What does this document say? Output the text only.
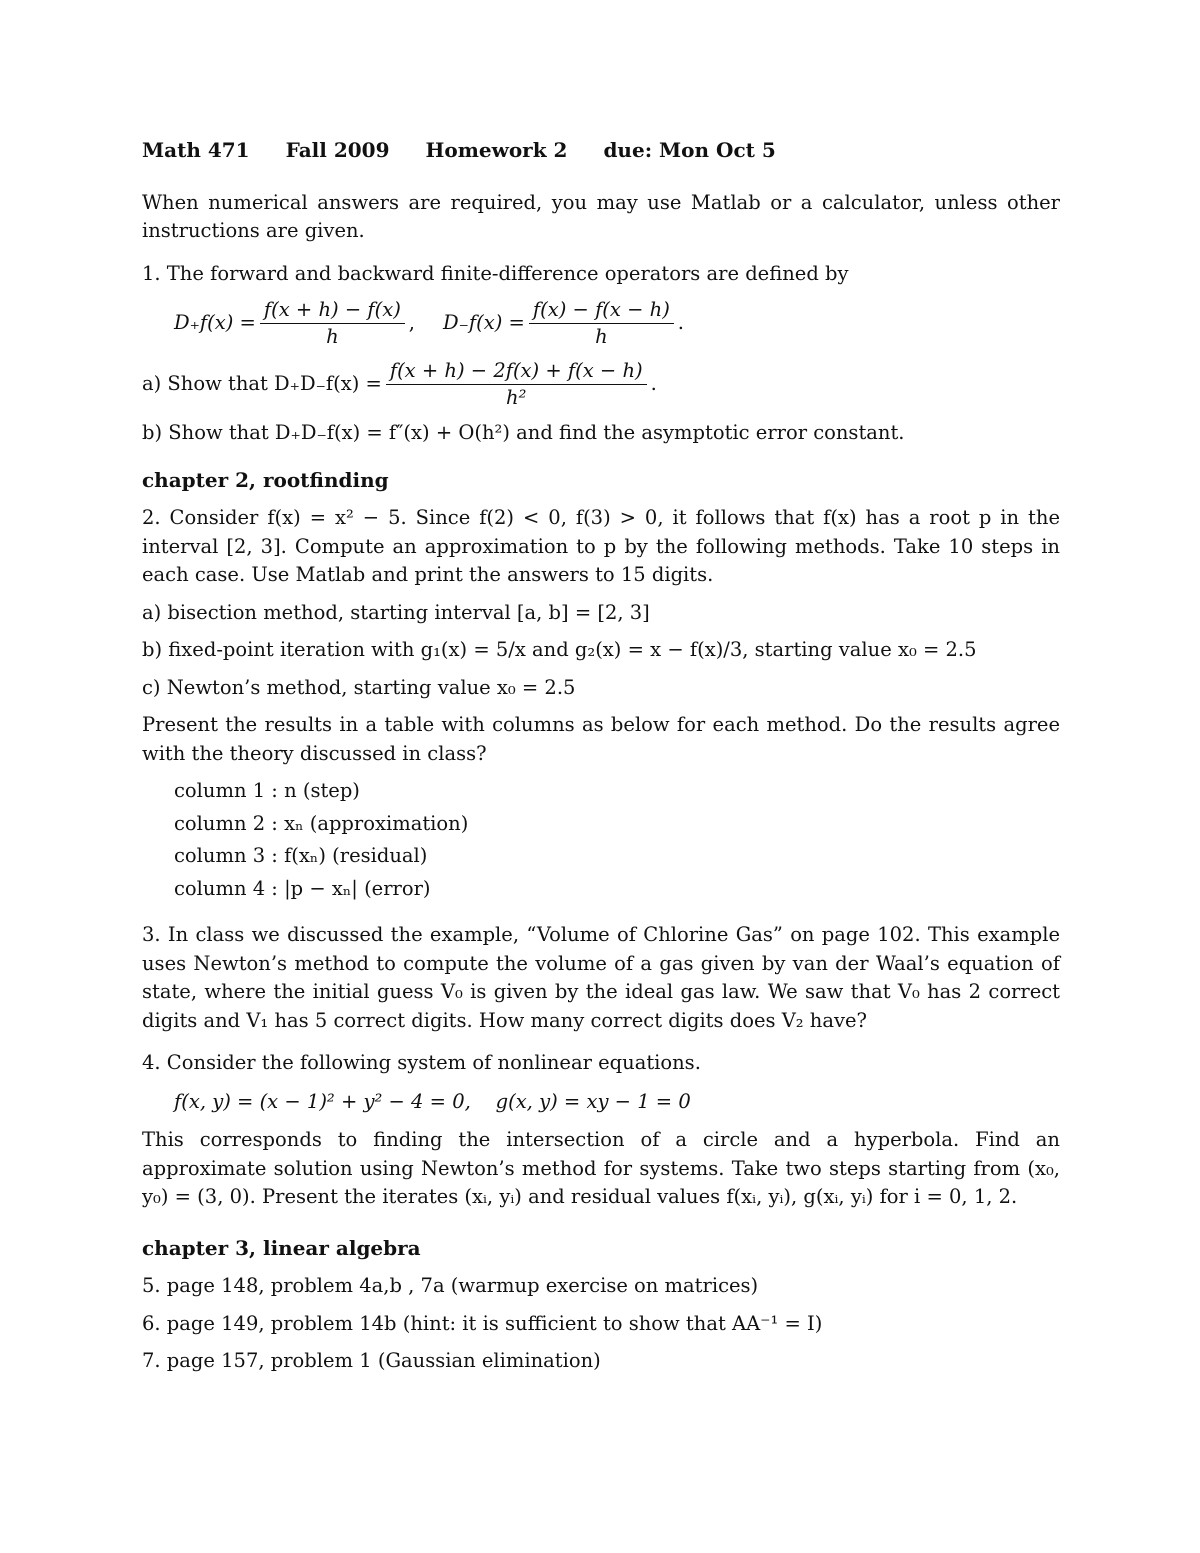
Math 471 Fall 2009 Homework 2 due: Mon Oct 5

When numerical answers are required, you may use Matlab or a calculator, unless other instructions are given.

1. The forward and backward finite-difference operators are defined by

$D_+f(x) = \frac{f(x + h) - f(x)}{h}$ , $D_-f(x) = \frac{f(x) - f(x - h)}{h}$ .
a) Show that $D_+D_-f(x) = \frac{f(x + h) - 2f(x) + f(x - h)}{\text{h²}}$ .

b) Show that D₊D₋f(x) = f″(x) + O(h²) and find the asymptotic error constant.

chapter 2, rootfinding

2. Consider f(x) = x² − 5. Since f(2) < 0, f(3) > 0, it follows that f(x) has a root p in the interval [2, 3]. Compute an approximation to p by the following methods. Take 10 steps in each case. Use Matlab and print the answers to 15 digits.

a) bisection method, starting interval [a, b] = [2, 3]

b) fixed-point iteration with g₁(x) = 5/x and g₂(x) = x − f(x)/3, starting value x₀ = 2.5

c) Newton’s method, starting value x₀ = 2.5

Present the results in a table with columns as below for each method. Do the results agree with the theory discussed in class?

column 1 : n (step)
column 2 : xₙ (approximation)
column 3 : f(xₙ) (residual)
column 4 : |p − xₙ| (error)

3. In class we discussed the example, “Volume of Chlorine Gas” on page 102. This example uses Newton’s method to compute the volume of a gas given by van der Waal’s equation of state, where the initial guess V₀ is given by the ideal gas law. We saw that V₀ has 2 correct digits and V₁ has 5 correct digits. How many correct digits does V₂ have?

4. Consider the following system of nonlinear equations.

f(x, y) = (x − 1)² + y² − 4 = 0,    g(x, y) = xy − 1 = 0

This corresponds to finding the intersection of a circle and a hyperbola. Find an approximate solution using Newton’s method for systems. Take two steps starting from (x₀, y₀) = (3, 0). Present the iterates (xᵢ, yᵢ) and residual values f(xᵢ, yᵢ), g(xᵢ, yᵢ) for i = 0, 1, 2.

chapter 3, linear algebra

5. page 148, problem 4a,b , 7a (warmup exercise on matrices)

6. page 149, problem 14b (hint: it is sufficient to show that AA⁻¹ = I)

7. page 157, problem 1 (Gaussian elimination)
